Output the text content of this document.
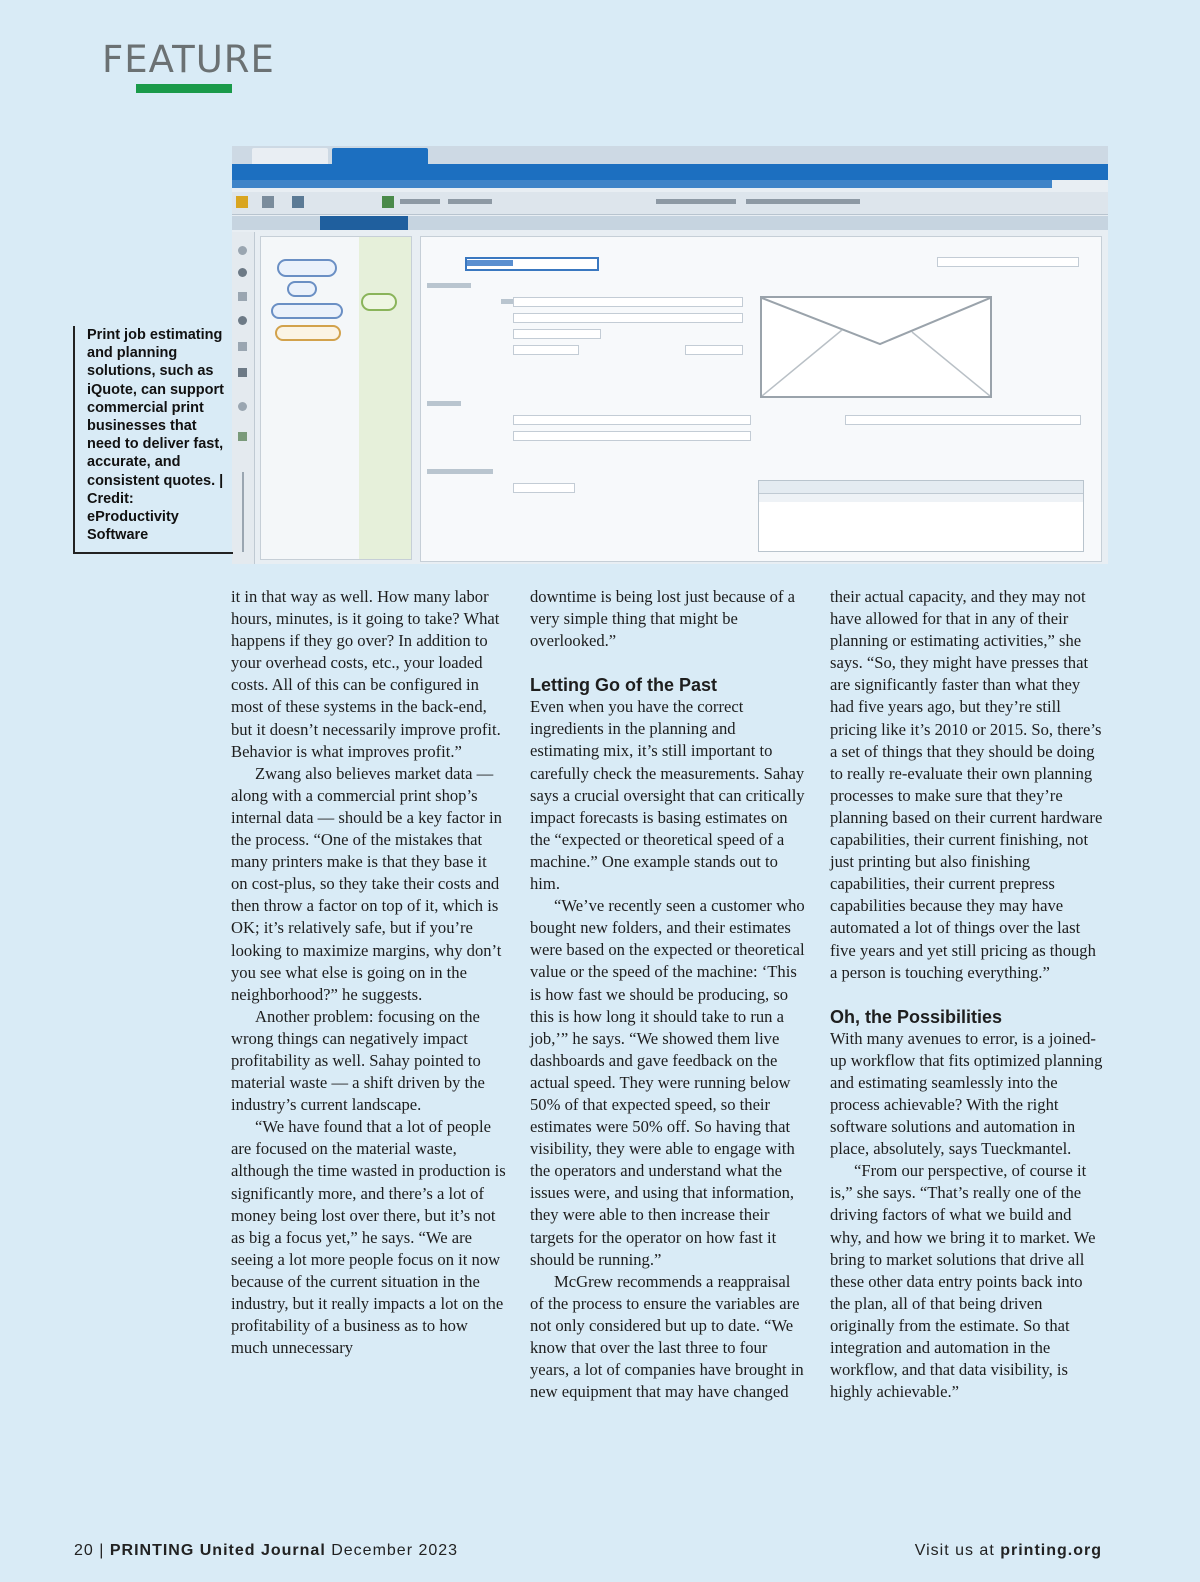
FEATURE
Print job estimating and planning solutions, such as iQuote, can support commercial print businesses that need to deliver fast, accurate, and consistent quotes. | Credit: eProductivity Software

it in that way as well. How many labor hours, minutes, is it going to take? What happens if they go over? In addition to your overhead costs, etc., your loaded costs. All of this can be configured in most of these systems in the back-end, but it doesn’t necessarily improve profit. Behavior is what improves profit.”

Zwang also believes market data — along with a commercial print shop’s internal data — should be a key factor in the process. “One of the mistakes that many printers make is that they base it on cost-plus, so they take their costs and then throw a factor on top of it, which is OK; it’s relatively safe, but if you’re looking to maximize margins, why don’t you see what else is going on in the neighborhood?” he suggests.

Another problem: focusing on the wrong things can negatively impact profitability as well. Sahay pointed to material waste — a shift driven by the industry’s current landscape.

“We have found that a lot of people are focused on the material waste, although the time wasted in production is significantly more, and there’s a lot of money being lost over there, but it’s not as big a focus yet,” he says. “We are seeing a lot more people focus on it now because of the current situation in the industry, but it really impacts a lot on the profitability of a business as to how much unnecessary

downtime is being lost just because of a very simple thing that might be overlooked.”

Letting Go of the Past

Even when you have the correct ingredients in the planning and estimating mix, it’s still important to carefully check the measurements. Sahay says a crucial oversight that can critically impact forecasts is basing estimates on the “expected or theoretical speed of a machine.” One example stands out to him.

“We’ve recently seen a customer who bought new folders, and their estimates were based on the expected or theoretical value or the speed of the machine: ‘This is how fast we should be producing, so this is how long it should take to run a job,’” he says. “We showed them live dashboards and gave feedback on the actual speed. They were running below 50% of that expected speed, so their estimates were 50% off. So having that visibility, they were able to engage with the operators and understand what the issues were, and using that information, they were able to then increase their targets for the operator on how fast it should be running.”

McGrew recommends a reappraisal of the process to ensure the variables are not only considered but up to date. “We know that over the last three to four years, a lot of companies have brought in new equipment that may have changed

their actual capacity, and they may not have allowed for that in any of their planning or estimating activities,” she says. “So, they might have presses that are significantly faster than what they had five years ago, but they’re still pricing like it’s 2010 or 2015. So, there’s a set of things that they should be doing to really re-evaluate their own planning processes to make sure that they’re planning based on their current hardware capabilities, their current finishing, not just printing but also finishing capabilities, their current prepress capabilities because they may have automated a lot of things over the last five years and yet still pricing as though a person is touching everything.”

Oh, the Possibilities

With many avenues to error, is a joined-up workflow that fits optimized planning and estimating seamlessly into the process achievable? With the right software solutions and automation in place, absolutely, says Tueckmantel.

“From our perspective, of course it is,” she says. “That’s really one of the driving factors of what we build and why, and how we bring it to market. We bring to market solutions that drive all these other data entry points back into the plan, all of that being driven originally from the estimate. So that integration and automation in the workflow, and that data visibility, is highly achievable.”

20 | PRINTING United Journal December 2023	Visit us at printing.org
